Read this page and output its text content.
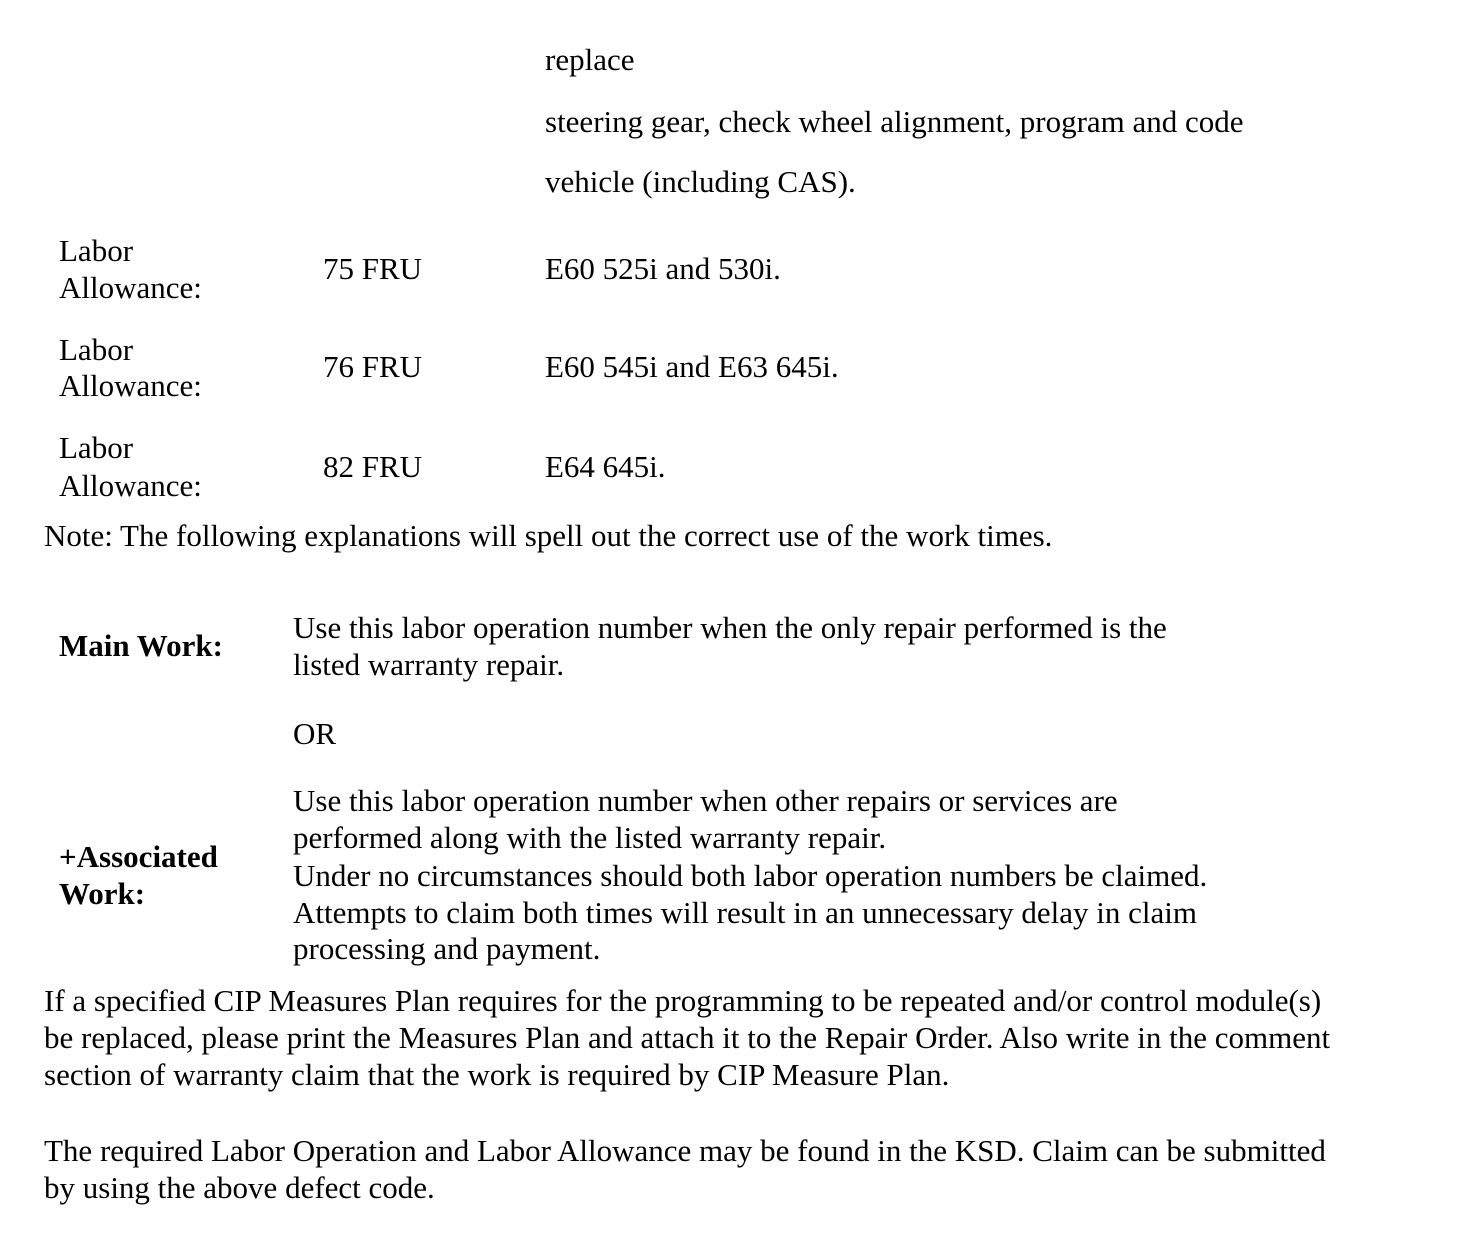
replace
steering gear, check wheel alignment, program and code
vehicle (including CAS).
Labor
Allowance:
75 FRU	E60 525i and 530i.
Labor
Allowance:
76 FRU	E60 545i and E63 645i.
Labor
Allowance:
82 FRU	E64 645i.
Note: The following explanations will spell out the correct use of the work times.
Main Work:
Use this labor operation number when the only repair performed is the
listed warranty repair.
OR
+Associated
Work:
Use this labor operation number when other repairs or services are
performed along with the listed warranty repair.
Under no circumstances should both labor operation numbers be claimed.
Attempts to claim both times will result in an unnecessary delay in claim
processing and payment.
If a specified CIP Measures Plan requires for the programming to be repeated and/or control module(s)
be replaced, please print the Measures Plan and attach it to the Repair Order. Also write in the comment
section of warranty claim that the work is required by CIP Measure Plan.
The required Labor Operation and Labor Allowance may be found in the KSD. Claim can be submitted
by using the above defect code.
